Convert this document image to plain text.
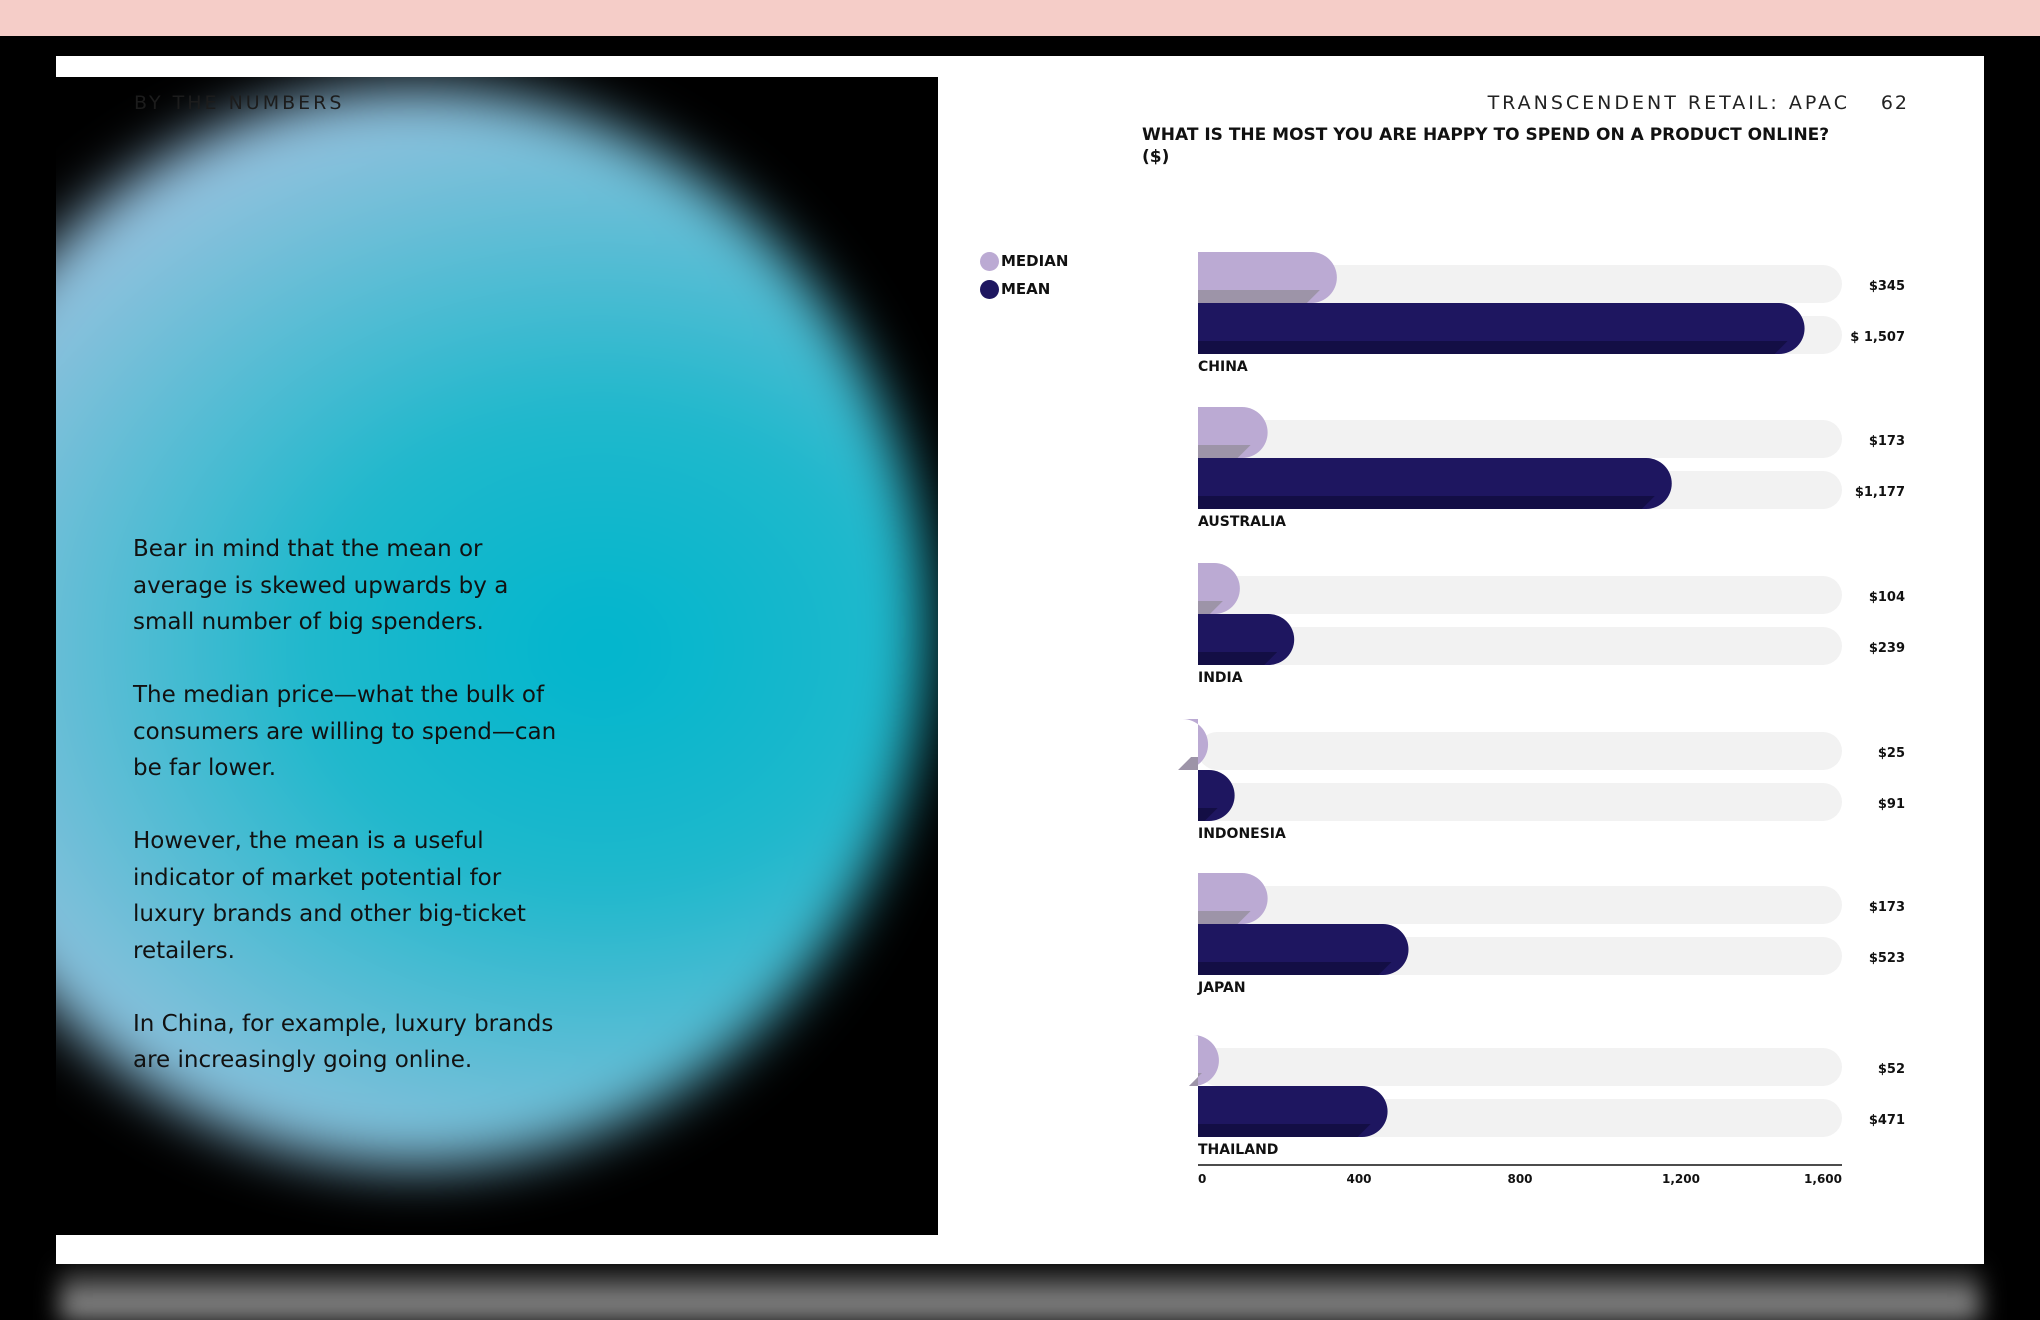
BY THE NUMBERS	TRANSCENDENT RETAIL: APAC 62

Bear in mind that the mean or average is skewed upwards by a small number of big spenders.

The median price—what the bulk of consumers are willing to spend—can be far lower.

However, the mean is a useful indicator of market potential for luxury brands and other big-ticket retailers.

In China, for example, luxury brands are increasingly going online.

WHAT IS THE MOST YOU ARE HAPPY TO SPEND ON A PRODUCT ONLINE? ($)
MEDIAN
MEAN	$345
$ 1,507
CHINA
$173
$1,177
AUSTRALIA
$104
$239
INDIA
$25
$91
INDONESIA
$173
$523
JAPAN
$52
$471
THAILAND
0	400	800	1,200	1,600
